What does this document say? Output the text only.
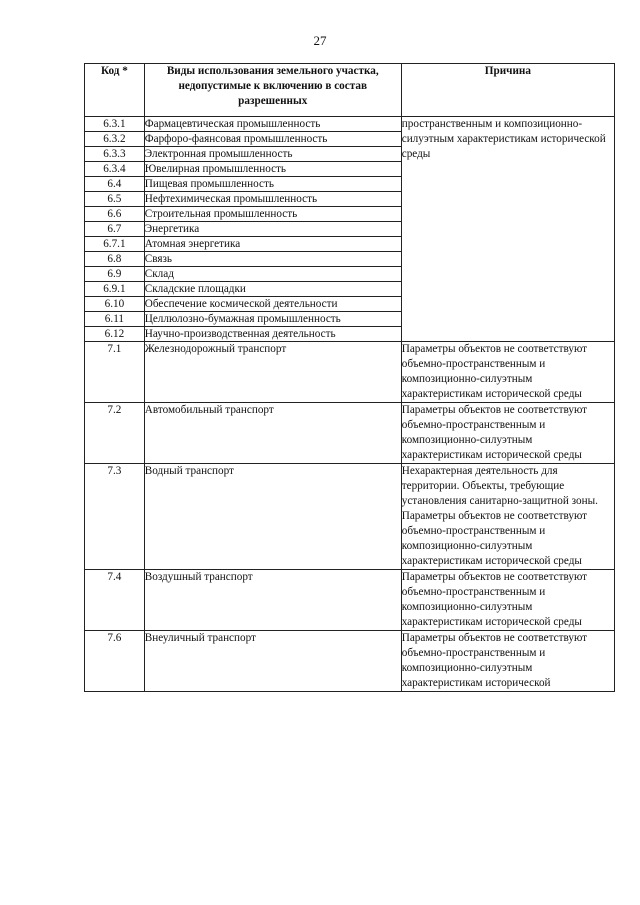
27
Код *	Виды использования земельного участка, недопустимые к включению в состав разрешенных	Причина
6.3.1	Фармацевтическая промышленность	пространственным и композиционно-силуэтным характеристикам исторической среды
6.3.2	Фарфоро-фаянсовая промышленность	
6.3.3	Электронная промышленность	
6.3.4	Ювелирная промышленность	
6.4	Пищевая промышленность	
6.5	Нефтехимическая промышленность	
6.6	Строительная промышленность	
6.7	Энергетика	
6.7.1	Атомная энергетика	
6.8	Связь	
6.9	Склад	
6.9.1	Складские площадки	
6.10	Обеспечение космической деятельности	
6.11	Целлюлозно-бумажная промышленность	
6.12	Научно-производственная деятельность	
7.1	Железнодорожный транспорт	Параметры объектов не соответствуют объемно-пространственным и композиционно-силуэтным характеристикам исторической среды
7.2	Автомобильный транспорт	Параметры объектов не соответствуют объемно-пространственным и композиционно-силуэтным характеристикам исторической среды
7.3	Водный транспорт	Нехарактерная деятельность для территории. Объекты, требующие установления санитарно-защитной зоны. Параметры объектов не соответствуют объемно-пространственным и композиционно-силуэтным характеристикам исторической среды
7.4	Воздушный транспорт	Параметры объектов не соответствуют объемно-пространственным и композиционно-силуэтным характеристикам исторической среды
7.6	Внеуличный транспорт	Параметры объектов не соответствуют объемно-пространственным и композиционно-силуэтным характеристикам исторической
